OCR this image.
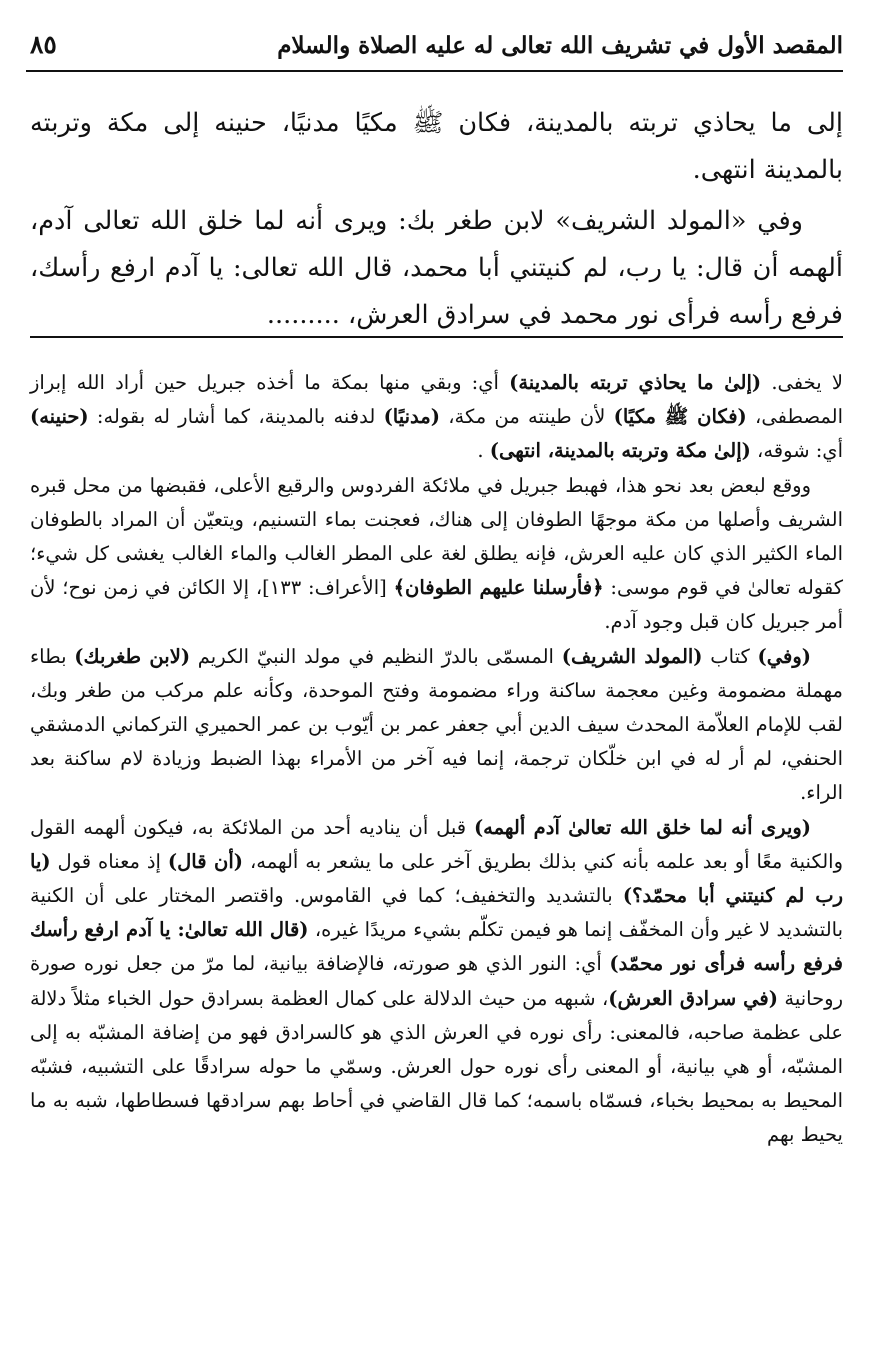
المقصد الأول في تشريف الله تعالى له عليه الصلاة والسلام
٨٥

إلى ما يحاذي تربته بالمدينة، فكان ﷺ مكيًا مدنيًا، حنينه إلى مكة وتربته بالمدينة انتهى.

وفي «المولد الشريف» لابن طغر بك: ويرى أنه لما خلق الله تعالى آدم، ألهمه أن قال: يا رب، لم كنيتني أبا محمد، قال الله تعالى: يا آدم ارفع رأسك، فرفع رأسه فرأى نور محمد في سرادق العرش، .........

لا يخفى. (إلىٰ ما يحاذي تربته بالمدينة) أي: وبقي منها بمكة ما أخذه جبريل حين أراد الله إبراز المصطفى، (فكان ﷺ مكيًا) لأن طينته من مكة، (مدنيًا) لدفنه بالمدينة، كما أشار له بقوله: (حنينه) أي: شوقه، (إلىٰ مكة وتربته بالمدينة، انتهى) .

ووقع لبعض بعد نحو هذا، فهبط جبريل في ملائكة الفردوس والرقيع الأعلى، فقبضها من محل قبره الشريف وأصلها من مكة موجهًا الطوفان إلى هناك، فعجنت بماء التسنيم، ويتعيّن أن المراد بالطوفان الماء الكثير الذي كان عليه العرش، فإنه يطلق لغة على المطر الغالب والماء الغالب يغشى كل شيء؛ كقوله تعالىٰ في قوم موسى: ﴿فأرسلنا عليهم الطوفان﴾ [الأعراف: ١٣٣]، إلا الكائن في زمن نوح؛ لأن أمر جبريل كان قبل وجود آدم.

(وفي) كتاب (المولد الشريف) المسمّى بالدرّ النظيم في مولد النبيّ الكريم (لابن طغربك) بطاء مهملة مضمومة وغين معجمة ساكنة وراء مضمومة وفتح الموحدة، وكأنه علم مركب من طغر وبك، لقب للإمام العلاّمة المحدث سيف الدين أبي جعفر عمر بن أيّوب بن عمر الحميري التركماني الدمشقي الحنفي، لم أر له في ابن خلّكان ترجمة، إنما فيه آخر من الأمراء بهذا الضبط وزيادة لام ساكنة بعد الراء.

(ويرى أنه لما خلق الله تعالىٰ آدم ألهمه) قبل أن يناديه أحد من الملائكة به، فيكون ألهمه القول والكنية معًا أو بعد علمه بأنه كني بذلك بطريق آخر على ما يشعر به ألهمه، (أن قال) إذ معناه قول (يا رب لم كنيتني أبا محمّد؟) بالتشديد والتخفيف؛ كما في القاموس. واقتصر المختار على أن الكنية بالتشديد لا غير وأن المخفّف إنما هو فيمن تكلّم بشيء مريدًا غيره، (قال الله تعالىٰ: يا آدم ارفع رأسك فرفع رأسه فرأى نور محمّد) أي: النور الذي هو صورته، فالإضافة بيانية، لما مرّ من جعل نوره صورة روحانية (في سرادق العرش)، شبهه من حيث الدلالة على كمال العظمة بسرادق حول الخباء مثلاً دلالة على عظمة صاحبه، فالمعنى: رأى نوره في العرش الذي هو كالسرادق فهو من إضافة المشبّه به إلى المشبّه، أو هي بيانية، أو المعنى رأى نوره حول العرش. وسمّي ما حوله سرادقًا على التشبيه، فشبّه المحيط به بمحيط بخباء، فسمّاه باسمه؛ كما قال القاضي في أحاط بهم سرادقها فسطاطها، شبه به ما يحيط بهم
